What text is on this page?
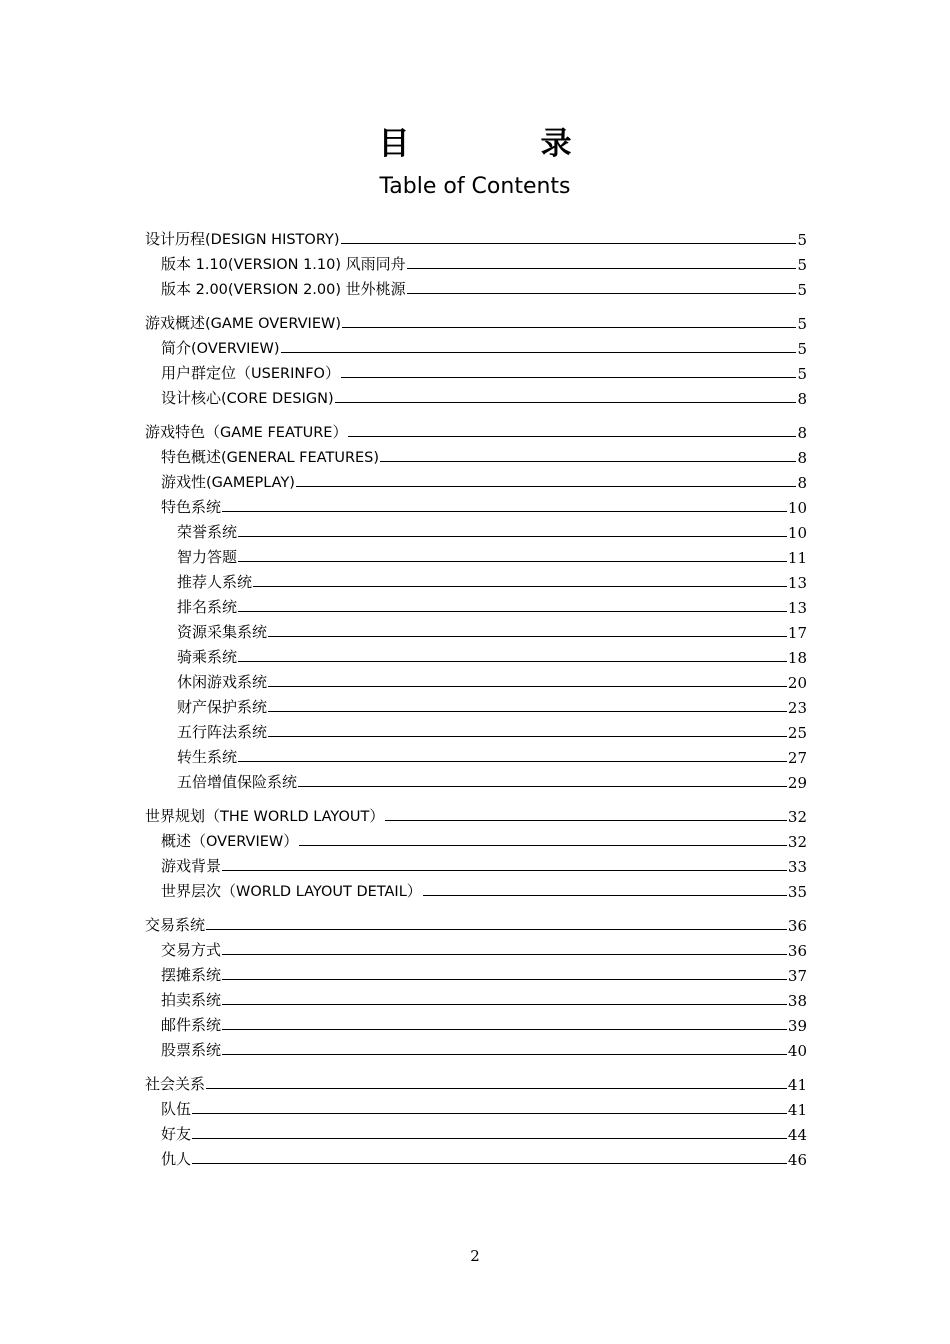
目　录
Table of Contents
设计历程(DESIGN HISTORY)	5
版本 1.10(VERSION 1.10) 风雨同舟	5
版本 2.00(VERSION 2.00) 世外桃源	5
游戏概述(GAME OVERVIEW)	5
简介(OVERVIEW)	5
用户群定位（USERINFO）	5
设计核心(CORE DESIGN)	8
游戏特色（GAME FEATURE）	8
特色概述(GENERAL FEATURES)	8
游戏性(GAMEPLAY)	8
特色系统	10
荣誉系统	10
智力答题	11
推荐人系统	13
排名系统	13
资源采集系统	17
骑乘系统	18
休闲游戏系统	20
财产保护系统	23
五行阵法系统	25
转生系统	27
五倍增值保险系统	29
世界规划（THE WORLD LAYOUT）	32
概述（OVERVIEW）	32
游戏背景	33
世界层次（WORLD LAYOUT DETAIL）	35
交易系统	36
交易方式	36
摆摊系统	37
拍卖系统	38
邮件系统	39
股票系统	40
社会关系	41
队伍	41
好友	44
仇人	46
2
